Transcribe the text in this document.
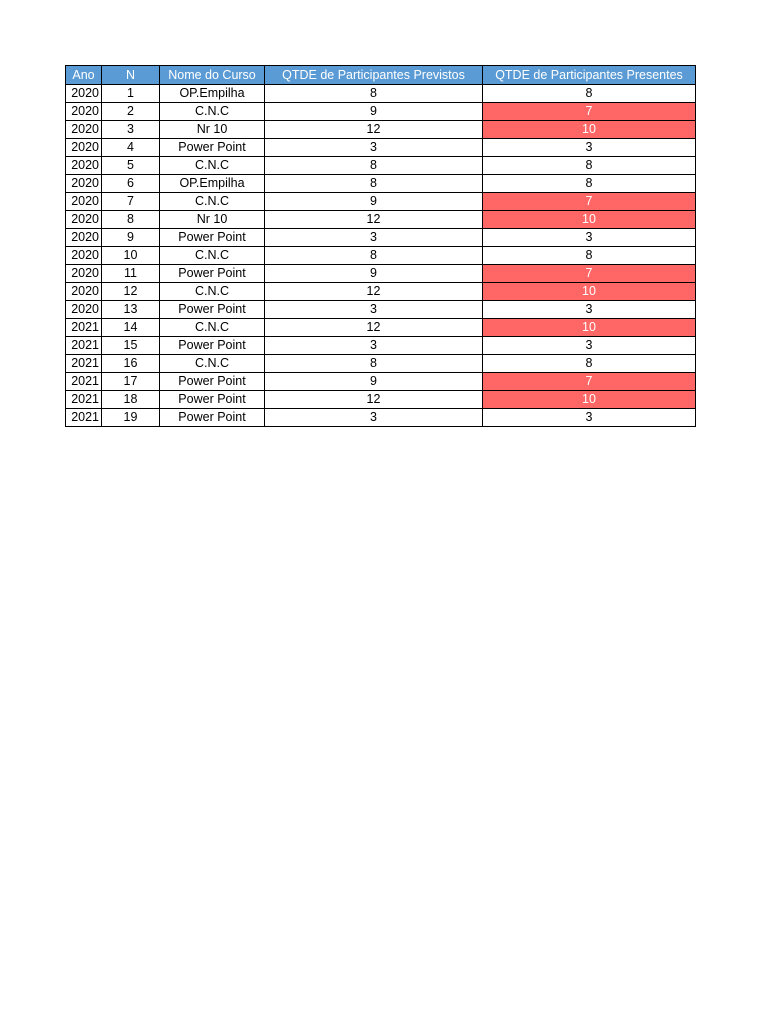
Ano	N	Nome do Curso	QTDE de Participantes Previstos	QTDE de Participantes Presentes
2020	1	OP.Empilha	8	8
2020	2	C.N.C	9	7
2020	3	Nr 10	12	10
2020	4	Power Point	3	3
2020	5	C.N.C	8	8
2020	6	OP.Empilha	8	8
2020	7	C.N.C	9	7
2020	8	Nr 10	12	10
2020	9	Power Point	3	3
2020	10	C.N.C	8	8
2020	11	Power Point	9	7
2020	12	C.N.C	12	10
2020	13	Power Point	3	3
2021	14	C.N.C	12	10
2021	15	Power Point	3	3
2021	16	C.N.C	8	8
2021	17	Power Point	9	7
2021	18	Power Point	12	10
2021	19	Power Point	3	3
